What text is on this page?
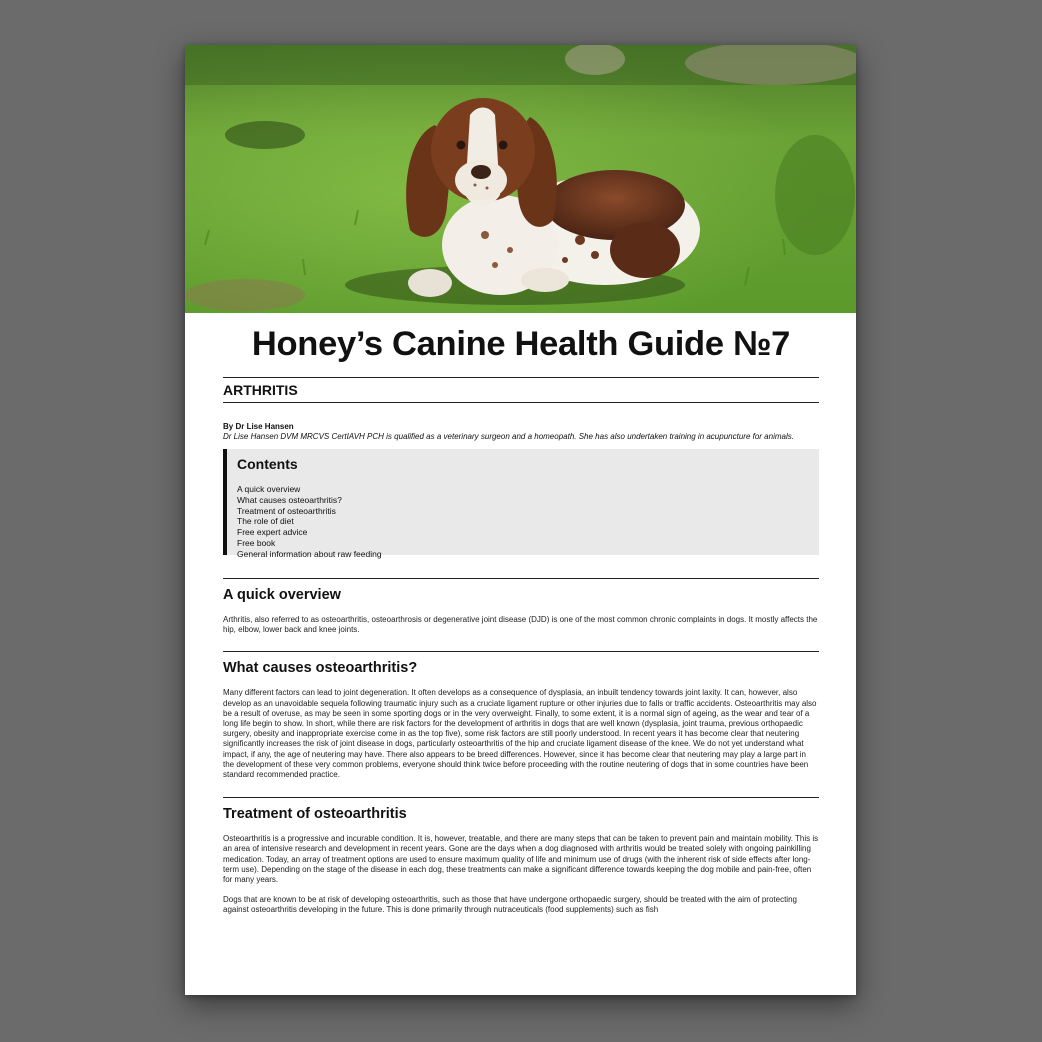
Honey’s Canine Health Guide №7
ARTHRITIS
By Dr Lise Hansen
Dr Lise Hansen DVM MRCVS CertIAVH PCH is qualified as a veterinary surgeon and a homeopath. She has also undertaken training in acupuncture for animals.
Contents
A quick overview
What causes osteoarthritis?
Treatment of osteoarthritis
The role of diet
Free expert advice
Free book
General information about raw feeding
A quick overview

Arthritis, also referred to as osteoarthritis, osteoarthrosis or degenerative joint disease (DJD) is one of the most common chronic complaints in dogs. It mostly affects the hip, elbow, lower back and knee joints.

What causes osteoarthritis?

Many different factors can lead to joint degeneration. It often develops as a consequence of dysplasia, an inbuilt tendency towards joint laxity. It can, however, also develop as an unavoidable sequela following traumatic injury such as a cruciate ligament rupture or other injuries due to falls or traffic accidents. Osteoarthritis may also be a result of overuse, as may be seen in some sporting dogs or in the very overweight. Finally, to some extent, it is a normal sign of ageing, as the wear and tear of a long life begin to show. In short, while there are risk factors for the development of arthritis in dogs that are well known (dysplasia, joint trauma, previous orthopaedic surgery, obesity and inappropriate exercise come in as the top five), some risk factors are still poorly understood. In recent years it has become clear that neutering significantly increases the risk of joint disease in dogs, particularly osteoarthritis of the hip and cruciate ligament disease of the knee. We do not yet understand what impact, if any, the age of neutering may have. There also appears to be breed differences. However, since it has become clear that neutering may play a large part in the development of these very common problems, everyone should think twice before proceeding with the routine neutering of dogs that in some countries have been standard recommended practice.

Treatment of osteoarthritis

Osteoarthritis is a progressive and incurable condition. It is, however, treatable, and there are many steps that can be taken to prevent pain and maintain mobility. This is an area of intensive research and development in recent years. Gone are the days when a dog diagnosed with arthritis would be treated solely with ongoing painkilling medication. Today, an array of treatment options are used to ensure maximum quality of life and minimum use of drugs (with the inherent risk of side effects after long-term use). Depending on the stage of the disease in each dog, these treatments can make a significant difference towards keeping the dog mobile and pain-free, often for many years.

Dogs that are known to be at risk of developing osteoarthritis, such as those that have undergone orthopaedic surgery, should be treated with the aim of protecting against osteoarthritis developing in the future. This is done primarily through nutraceuticals (food supplements) such as fish
